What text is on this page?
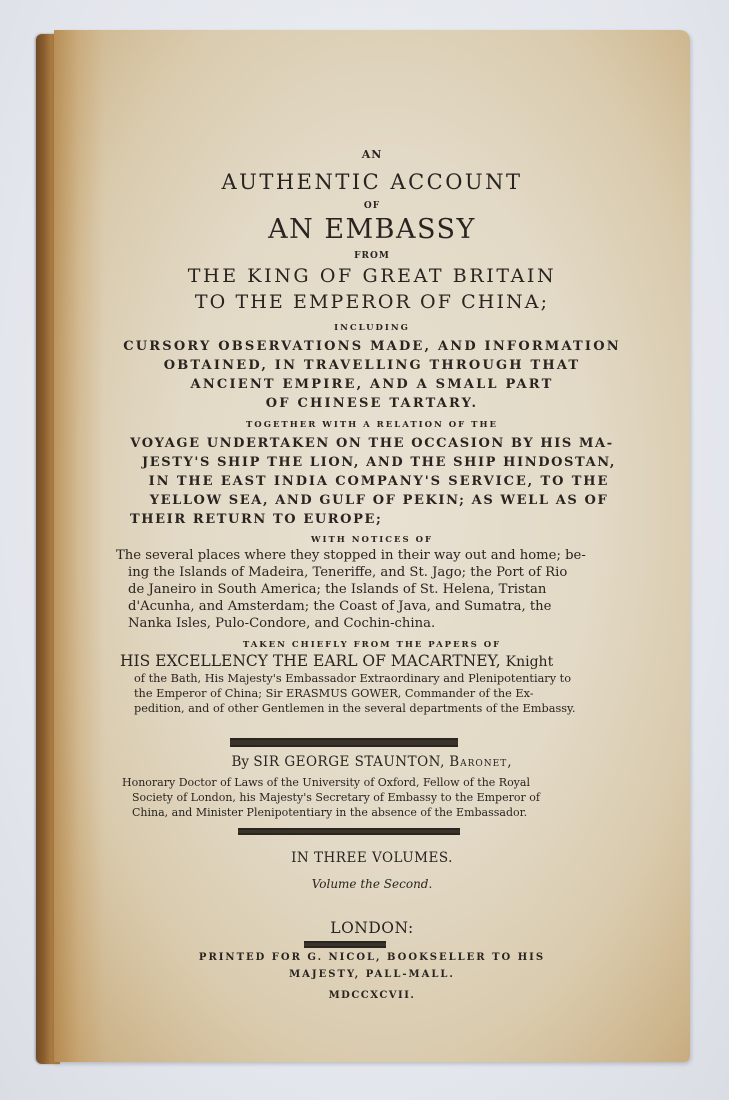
AN
AUTHENTIC ACCOUNT
OF
AN EMBASSY
FROM
THE KING OF GREAT BRITAIN
TO THE EMPEROR OF CHINA;
INCLUDING
CURSORY OBSERVATIONS MADE, AND INFORMATION
OBTAINED, IN TRAVELLING THROUGH THAT
ANCIENT EMPIRE, AND A SMALL PART
OF CHINESE TARTARY.
TOGETHER WITH A RELATION OF THE
VOYAGE UNDERTAKEN ON THE OCCASION BY HIS MA-
JESTY'S SHIP THE LION, AND THE SHIP HINDOSTAN,
IN THE EAST INDIA COMPANY'S SERVICE, TO THE
YELLOW SEA, AND GULF OF PEKIN; AS WELL AS OF
THEIR RETURN TO EUROPE;
WITH NOTICES OF
The several places where they stopped in their way out and home; be-
ing the Islands of Madeira, Teneriffe, and St. Jago; the Port of Rio
de Janeiro in South America; the Islands of St. Helena, Tristan
d'Acunha, and Amsterdam; the Coast of Java, and Sumatra, the
Nanka Isles, Pulo-Condore, and Cochin-china.
TAKEN CHIEFLY FROM THE PAPERS OF
HIS EXCELLENCY THE EARL OF MACARTNEY, Knight
of the Bath, His Majesty's Embassador Extraordinary and Plenipotentiary to
the Emperor of China; Sir ERASMUS GOWER, Commander of the Ex-
pedition, and of other Gentlemen in the several departments of the Embassy.
By SIR GEORGE STAUNTON, Baronet,
Honorary Doctor of Laws of the University of Oxford, Fellow of the Royal
Society of London, his Majesty's Secretary of Embassy to the Emperor of
China, and Minister Plenipotentiary in the absence of the Embassador.
IN THREE VOLUMES.
Volume the Second.
LONDON:
PRINTED FOR G. NICOL, BOOKSELLER TO HIS
MAJESTY, PALL-MALL.
MDCCXCVII.
